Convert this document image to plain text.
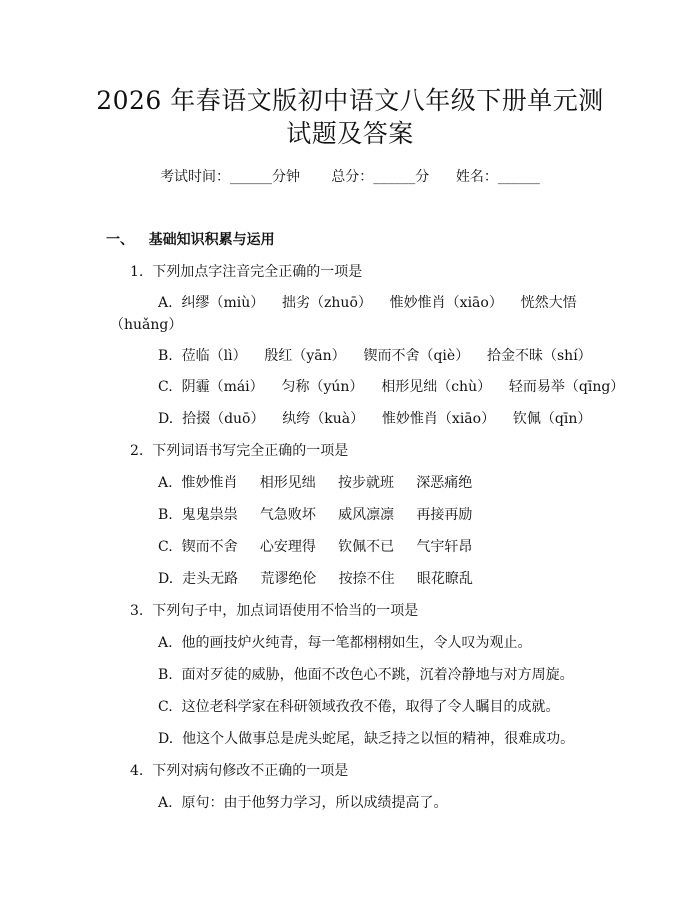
2026 年春语文版初中语文八年级下册单元测
试题及答案
考试时间：______分钟 总分：______分 姓名：______
一、   基础知识积累与运用
1.  下列加点字注音完全正确的一项是
A.  纠缪（miù）    拙劣（zhuō）    惟妙惟肖（xiāo）    恍然大悟
（huǎng）
B.  莅临（lì）    殷红（yān）    锲而不舍（qiè）    拾金不昧（shí）
C.  阴霾（mái）    匀称（yún）    相形见绌（chù）    轻而易举（qīng）
D.  拾掇（duō）    纨绔（kuà）    惟妙惟肖（xiāo）    钦佩（qīn）
2.  下列词语书写完全正确的一项是
A.  惟妙惟肖     相形见绌     按步就班     深恶痛绝
B.  鬼鬼祟祟     气急败坏     威风凛凛     再接再励
C.  锲而不舍     心安理得     钦佩不已     气宇轩昂
D.  走头无路     荒谬绝伦     按捺不住     眼花瞭乱
3.  下列句子中，加点词语使用不恰当的一项是
A.  他的画技炉火纯青，每一笔都栩栩如生，令人叹为观止。
B.  面对歹徒的威胁，他面不改色心不跳，沉着冷静地与对方周旋。
C.  这位老科学家在科研领域孜孜不倦，取得了令人瞩目的成就。
D.  他这个人做事总是虎头蛇尾，缺乏持之以恒的精神，很难成功。
4.  下列对病句修改不正确的一项是
A.  原句：由于他努力学习，所以成绩提高了。
